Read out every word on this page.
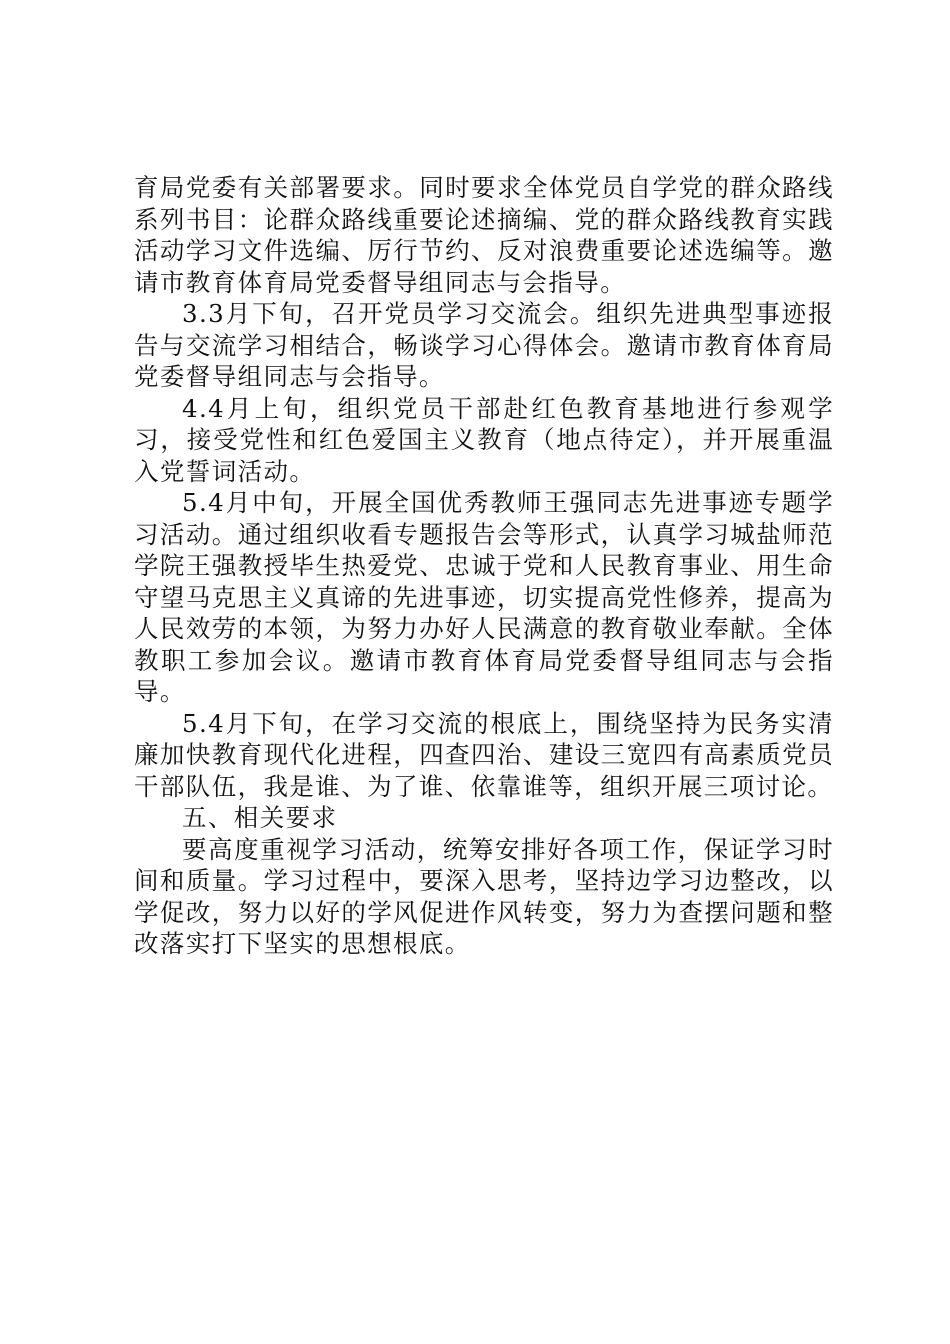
育局党委有关部署要求。同时要求全体党员自学党的群众路线系列书目：论群众路线重要论述摘编、党的群众路线教育实践活动学习文件选编、厉行节约、反对浪费重要论述选编等。邀请市教育体育局党委督导组同志与会指导。

3.3月下旬，召开党员学习交流会。组织先进典型事迹报告与交流学习相结合，畅谈学习心得体会。邀请市教育体育局党委督导组同志与会指导。

4.4月上旬，组织党员干部赴红色教育基地进行参观学习，接受党性和红色爱国主义教育（地点待定），并开展重温入党誓词活动。

5.4月中旬，开展全国优秀教师王强同志先进事迹专题学习活动。通过组织收看专题报告会等形式，认真学习城盐师范学院王强教授毕生热爱党、忠诚于党和人民教育事业、用生命守望马克思主义真谛的先进事迹，切实提高党性修养，提高为人民效劳的本领，为努力办好人民满意的教育敬业奉献。全体教职工参加会议。邀请市教育体育局党委督导组同志与会指导。

5.4月下旬，在学习交流的根底上，围绕坚持为民务实清廉加快教育现代化进程，四查四治、建设三宽四有高素质党员干部队伍，我是谁、为了谁、依靠谁等，组织开展三项讨论。

五、相关要求

要高度重视学习活动，统筹安排好各项工作，保证学习时间和质量。学习过程中，要深入思考，坚持边学习边整改，以学促改，努力以好的学风促进作风转变，努力为查摆问题和整改落实打下坚实的思想根底。
